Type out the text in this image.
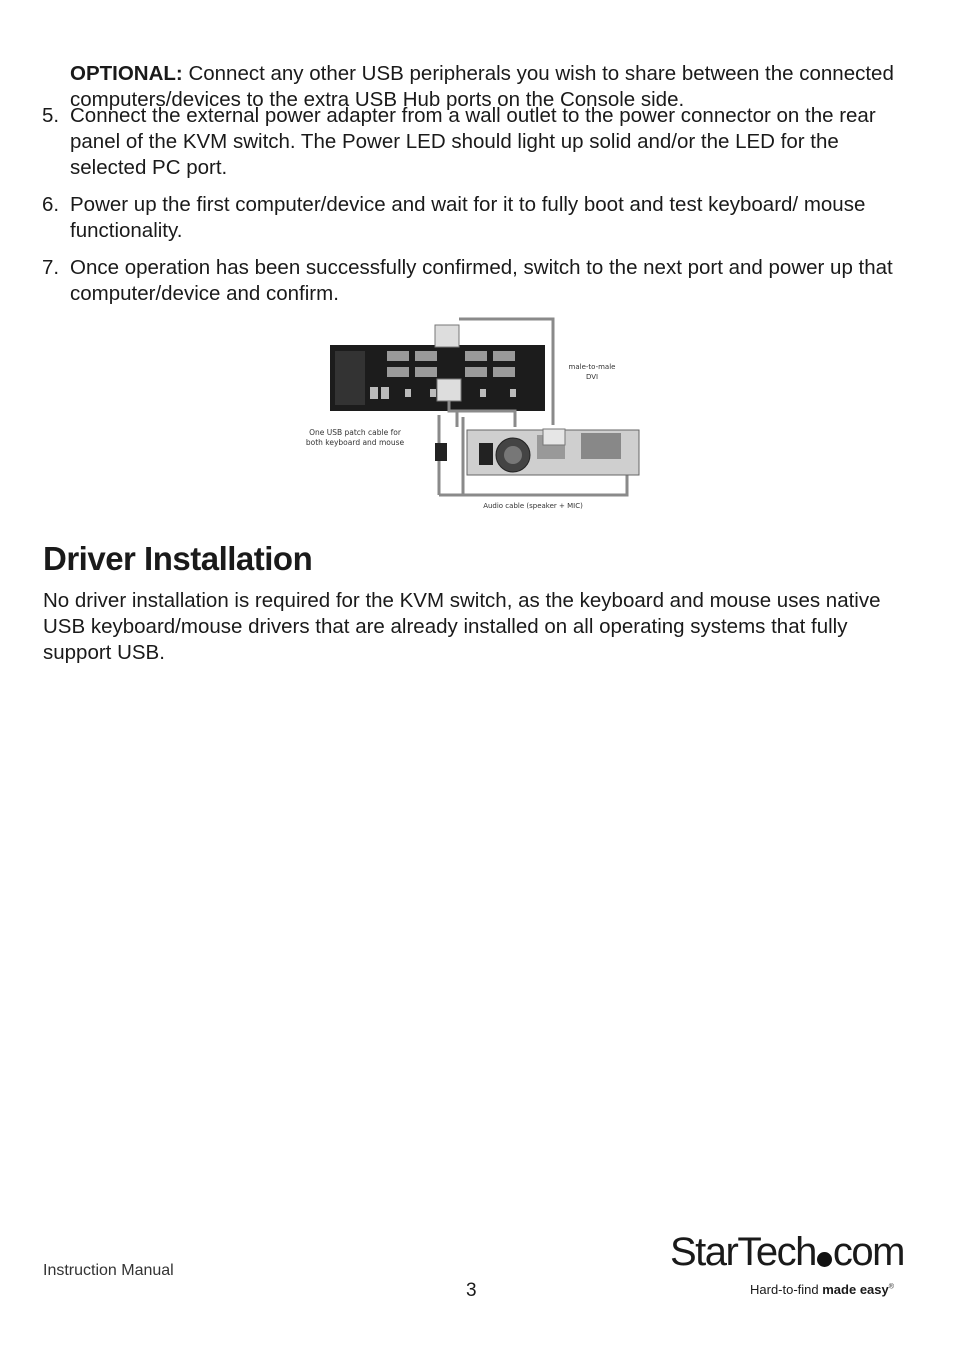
OPTIONAL: Connect any other USB peripherals you wish to share between the connected computers/devices to the extra USB Hub ports on the Console side.

5. Connect the external power adapter from a wall outlet to the power connector on the rear panel of the KVM switch. The Power LED should light up solid and/or the LED for the selected PC port.
6. Power up the first computer/device and wait for it to fully boot and test keyboard/ mouse functionality.
7. Once operation has been successfully confirmed, switch to the next port and power up that computer/device and confirm.
male-to-male
DVI
One USB patch cable for
both keyboard and mouse
Audio cable (speaker + MIC)
Driver Installation

No driver installation is required for the KVM switch, as the keyboard and mouse uses native USB keyboard/mouse drivers that are already installed on all operating systems that fully support USB.

Instruction Manual
3
StarTech com
Hard-to-find made easy®
